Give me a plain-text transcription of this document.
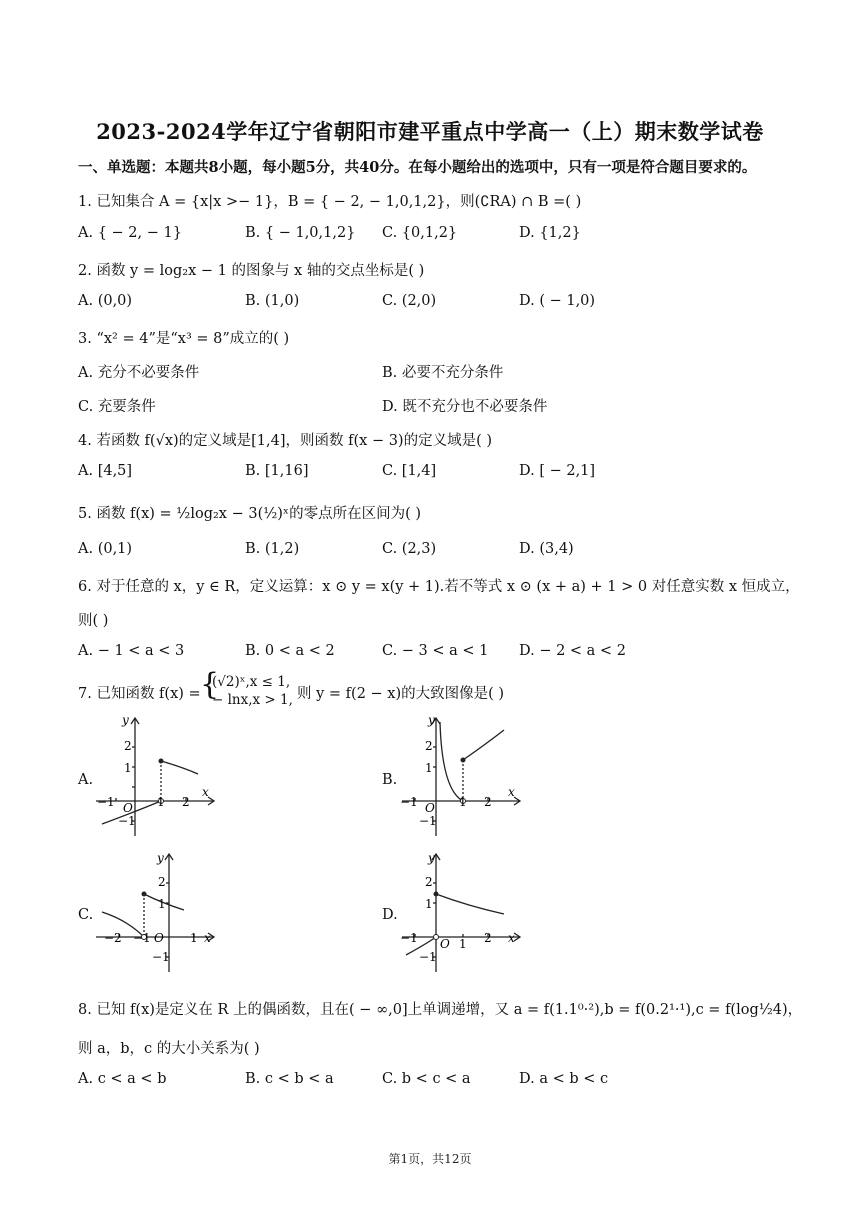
2023-2024学年辽宁省朝阳市建平重点中学高一（上）期末数学试卷
一、单选题：本题共8小题，每小题5分，共40分。在每小题给出的选项中，只有一项是符合题目要求的。
1. 已知集合 A = {x|x >− 1}，B = { − 2, − 1,0,1,2}，则(∁RA) ∩ B =( )
A. { − 2, − 1}	B. { − 1,0,1,2} C. {0,1,2}	D. {1,2}
2. 函数 y = log₂x − 1 的图象与 x 轴的交点坐标是( )
A. (0,0)	B. (1,0)	C. (2,0)	D. ( − 1,0)
3. “x² = 4”是“x³ = 8”成立的( )
A. 充分不必要条件	B. 必要不充分条件
C. 充要条件	D. 既不充分也不必要条件
4. 若函数 f(√x)的定义域是[1,4]，则函数 f(x − 3)的定义域是( )
A. [4,5]	B. [1,16]	C. [1,4]	D. [ − 2,1]
5. 函数 f(x) = ½log₂x − 3(½)ˣ的零点所在区间为( )
A. (0,1)	B. (1,2)	C. (2,3)	D. (3,4)
6. 对于任意的 x，y ∈ R，定义运算：x ⊙ y = x(y + 1).若不等式 x ⊙ (x + a) + 1 > 0 对任意实数 x 恒成立，
则( )
A. − 1 < a < 3	B. 0 < a < 2	C. − 3 < a < 1 D. − 2 < a < 2
7. 已知函数 f(x) = {
(√2)ˣ,x ≤ 1,
− lnx,x > 1, 则 y = f(2 − x)的大致图像是( )
A.	B.
C.	D.
y
x
O
2
1
−1
−1	1 2
y
x
O
2
1
−1
−1	1 2
y
x
O
2
1
−1
−2 −1	1
y
x
O
2
1
−1
−1	1 2
8. 已知 f(x)是定义在 R 上的偶函数，且在( − ∞,0]上单调递增，又 a = f(1.1⁰·²),b = f(0.2¹·¹),c = f(log½4)，
则 a，b，c 的大小关系为( )
A. c < a < b	B. c < b < a	C. b < c < a	D. a < b < c
第1页，共12页
